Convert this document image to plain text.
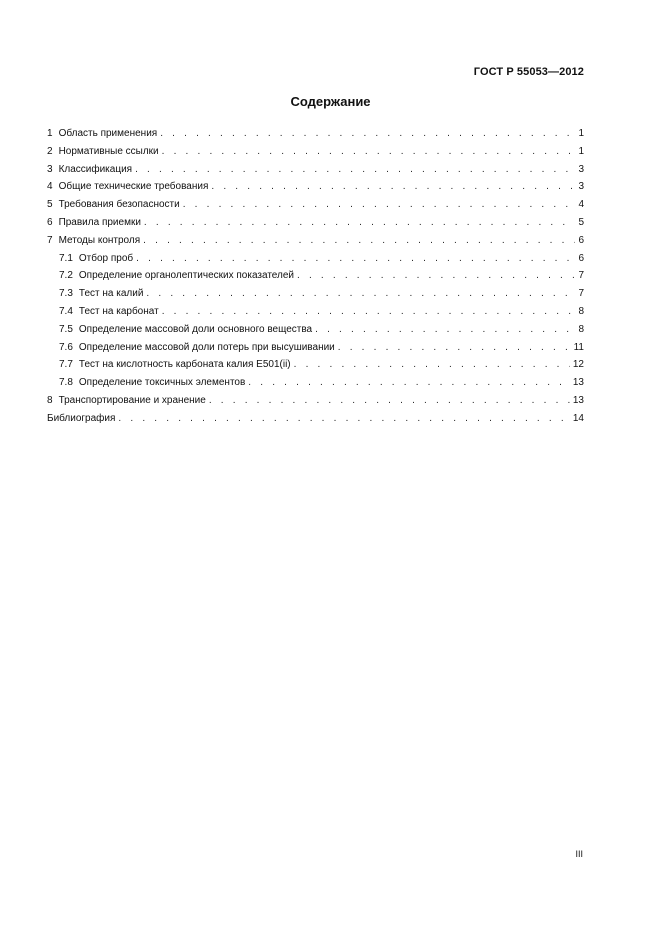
ГОСТ Р 55053—2012
Содержание
1 Область применения . . .	1
2 Нормативные ссылки . . .	1
3 Классификация . . .	3
4 Общие технические требования . . .	3
5 Требования безопасности . . .	4
6 Правила приемки . . .	5
7 Методы контроля . . .	6
7.1 Отбор проб . . .	6
7.2 Определение органолептических показателей . . .	7
7.3 Тест на калий . . .	7
7.4 Тест на карбонат . . .	8
7.5 Определение массовой доли основного вещества . . .	8
7.6 Определение массовой доли потерь при высушивании . . .	11
7.7 Тест на кислотность карбоната калия Е501(ii) . . .	12
7.8 Определение токсичных элементов . . .	13
8 Транспортирование и хранение . . .	13
Библиография . . .	14
III
